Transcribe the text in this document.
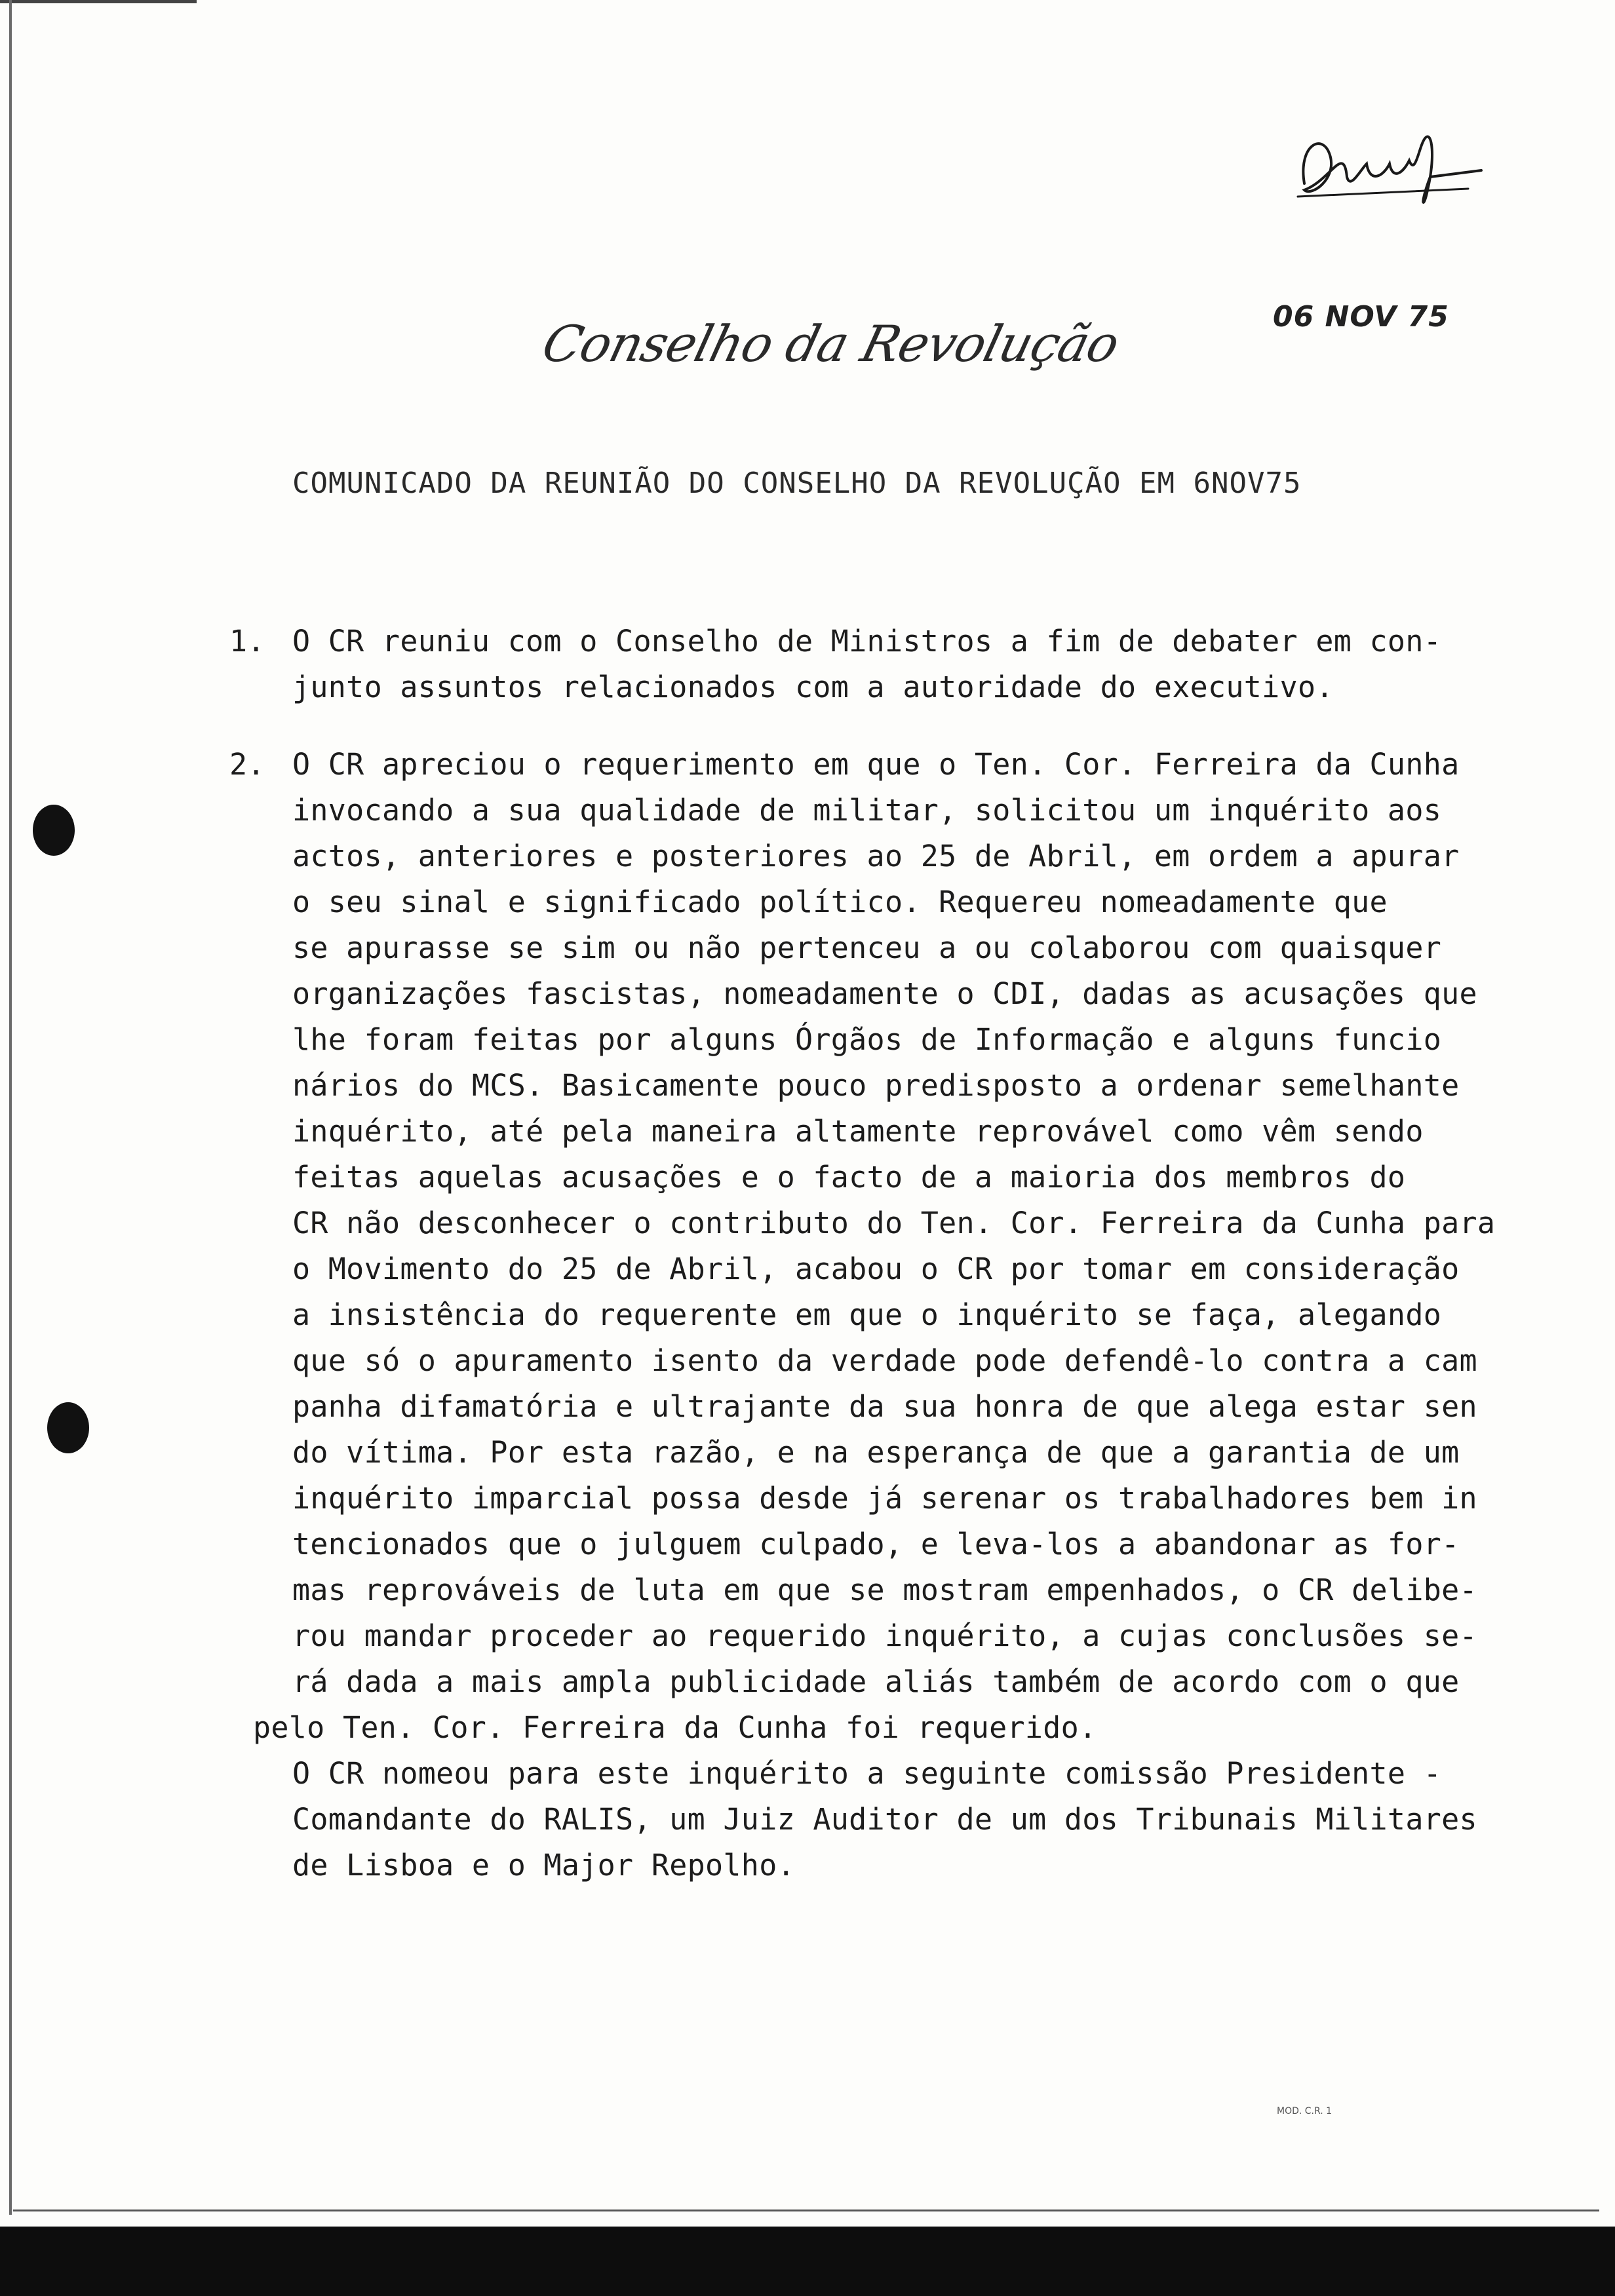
06 NOV 75
Conselho da Revolução
COMUNICADO DA REUNIÃO DO CONSELHO DA REVOLUÇÃO EM 6NOV75
1. O CR reuniu com o Conselho de Ministros a fim de debater em con-
junto assuntos relacionados com a autoridade do executivo.
2. O CR apreciou o requerimento em que o Ten. Cor. Ferreira da Cunha
invocando a sua qualidade de militar, solicitou um inquérito aos
actos, anteriores e posteriores ao 25 de Abril, em ordem a apurar
o seu sinal e significado político. Requereu nomeadamente que
se apurasse se sim ou não pertenceu a ou colaborou com quaisquer
organizações fascistas, nomeadamente o CDI, dadas as acusações que
lhe foram feitas por alguns Órgãos de Informação e alguns funcio
nários do MCS. Basicamente pouco predisposto a ordenar semelhante
inquérito, até pela maneira altamente reprovável como vêm sendo
feitas aquelas acusações e o facto de a maioria dos membros do
CR não desconhecer o contributo do Ten. Cor. Ferreira da Cunha para
o Movimento do 25 de Abril, acabou o CR por tomar em consideração
a insistência do requerente em que o inquérito se faça, alegando
que só o apuramento isento da verdade pode defendê-lo contra a cam
panha difamatória e ultrajante da sua honra de que alega estar sen
do vítima. Por esta razão, e na esperança de que a garantia de um
inquérito imparcial possa desde já serenar os trabalhadores bem in
tencionados que o julguem culpado, e leva-los a abandonar as for-
mas reprováveis de luta em que se mostram empenhados, o CR delibe-
rou mandar proceder ao requerido inquérito, a cujas conclusões se-
rá dada a mais ampla publicidade aliás também de acordo com o que
pelo Ten. Cor. Ferreira da Cunha foi requerido.
O CR nomeou para este inquérito a seguinte comissão Presidente -
Comandante do RALIS, um Juiz Auditor de um dos Tribunais Militares
de Lisboa e o Major Repolho.
MOD. C.R. 1
